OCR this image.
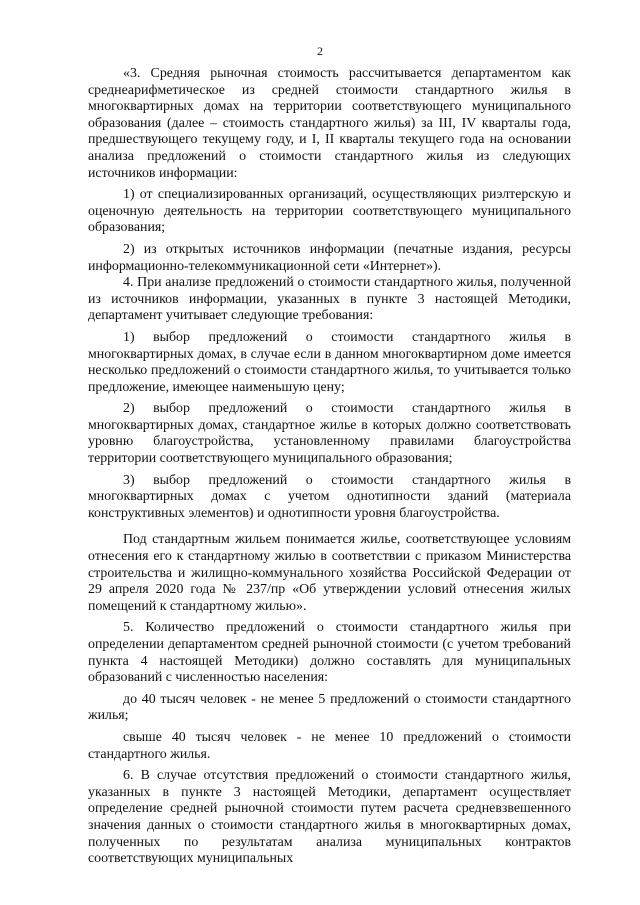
2

«3. Средняя рыночная стоимость рассчитывается департаментом как среднеарифметическое из средней стоимости стандартного жилья в многоквартирных домах на территории соответствующего муниципального образования (далее – стоимость стандартного жилья) за III, IV кварталы года, предшествующего текущему году, и I, II кварталы текущего года на основании анализа предложений о стоимости стандартного жилья из следующих источников информации:

1) от специализированных организаций, осуществляющих риэлтерскую и оценочную деятельность на территории соответствующего муниципального образования;

2) из открытых источников информации (печатные издания, ресурсы информационно-телекоммуникационной сети «Интернет»).

4. При анализе предложений о стоимости стандартного жилья, полученной из источников информации, указанных в пункте 3 настоящей Методики, департамент учитывает следующие требования:

1) выбор предложений о стоимости стандартного жилья в многоквартирных домах, в случае если в данном многоквартирном доме имеется несколько предложений о стоимости стандартного жилья, то учитывается только предложение, имеющее наименьшую цену;

2) выбор предложений о стоимости стандартного жилья в многоквартирных домах, стандартное жилье в которых должно соответствовать уровню благоустройства, установленному правилами благоустройства территории соответствующего муниципального образования;

3) выбор предложений о стоимости стандартного жилья в многоквартирных домах с учетом однотипности зданий (материала конструктивных элементов) и однотипности уровня благоустройства.

Под стандартным жильем понимается жилье, соответствующее условиям отнесения его к стандартному жилью в соответствии с приказом Министерства строительства и жилищно-коммунального хозяйства Российской Федерации от 29 апреля 2020 года № 237/пр «Об утверждении условий отнесения жилых помещений к стандартному жилью».

5. Количество предложений о стоимости стандартного жилья при определении департаментом средней рыночной стоимости (с учетом требований пункта 4 настоящей Методики) должно составлять для муниципальных образований с численностью населения:

до 40 тысяч человек - не менее 5 предложений о стоимости стандартного жилья;

свыше 40 тысяч человек - не менее 10 предложений о стоимости стандартного жилья.

6. В случае отсутствия предложений о стоимости стандартного жилья, указанных в пункте 3 настоящей Методики, департамент осуществляет определение средней рыночной стоимости путем расчета средневзвешенного значения данных о стоимости стандартного жилья в многоквартирных домах, полученных по результатам анализа муниципальных контрактов соответствующих муниципальных
